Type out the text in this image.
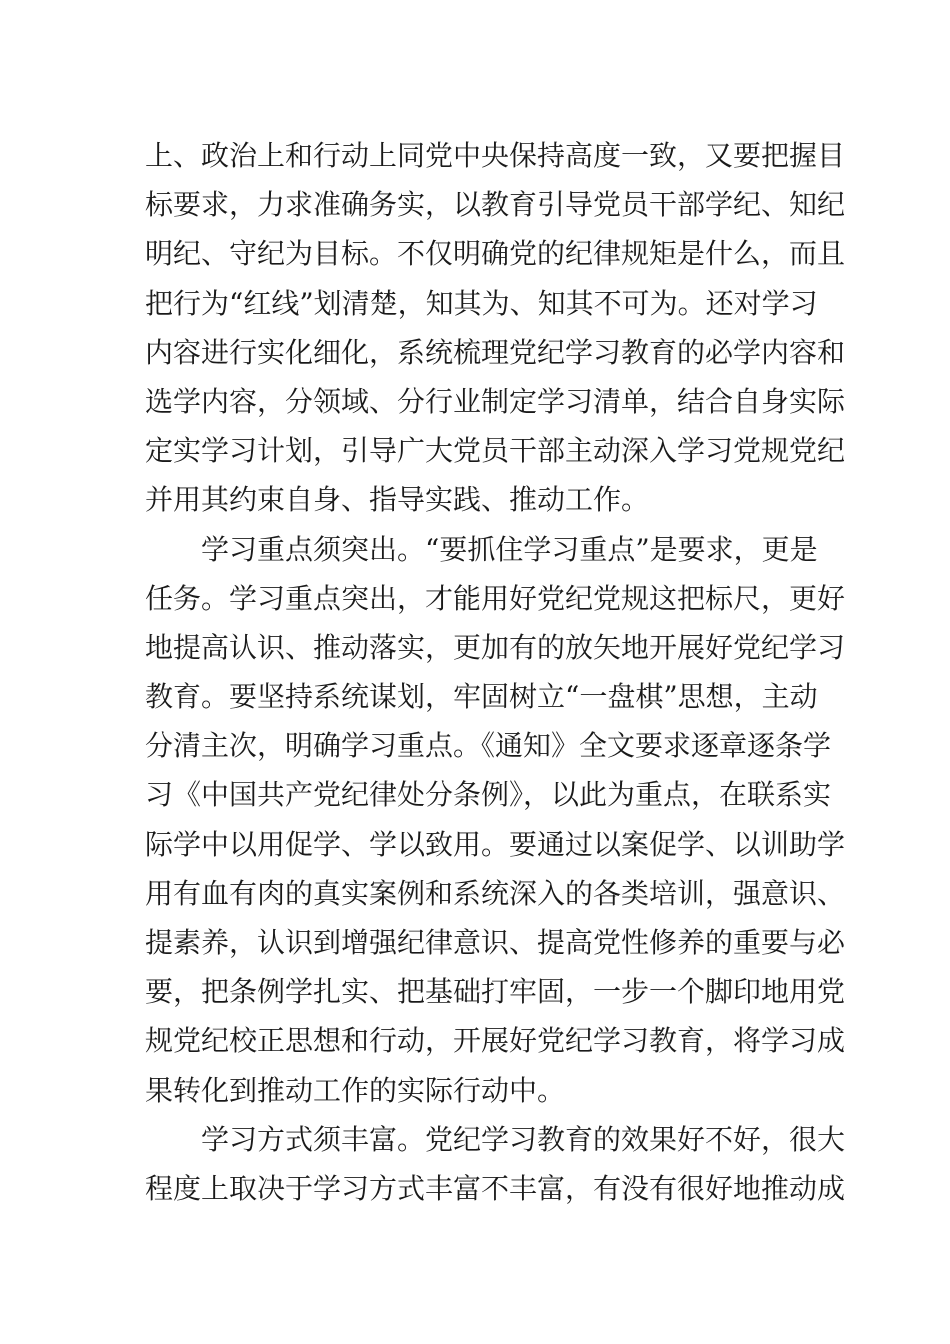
上、政治上和行动上同党中央保持高度一致，又要把握目
标要求，力求准确务实，以教育引导党员干部学纪、知纪
明纪、守纪为目标。不仅明确党的纪律规矩是什么，而且
把行为“红线”划清楚，知其为、知其不可为。还对学习
内容进行实化细化，系统梳理党纪学习教育的必学内容和
选学内容，分领域、分行业制定学习清单，结合自身实际
定实学习计划，引导广大党员干部主动深入学习党规党纪
并用其约束自身、指导实践、推动工作。
学习重点须突出。“要抓住学习重点”是要求，更是
任务。学习重点突出，才能用好党纪党规这把标尺，更好
地提高认识、推动落实，更加有的放矢地开展好党纪学习
教育。要坚持系统谋划，牢固树立“一盘棋”思想，主动
分清主次，明确学习重点。《通知》全文要求逐章逐条学
习《中国共产党纪律处分条例》，以此为重点，在联系实
际学中以用促学、学以致用。要通过以案促学、以训助学
用有血有肉的真实案例和系统深入的各类培训，强意识、
提素养，认识到增强纪律意识、提高党性修养的重要与必
要，把条例学扎实、把基础打牢固，一步一个脚印地用党
规党纪校正思想和行动，开展好党纪学习教育，将学习成
果转化到推动工作的实际行动中。
学习方式须丰富。党纪学习教育的效果好不好，很大
程度上取决于学习方式丰富不丰富，有没有很好地推动成
